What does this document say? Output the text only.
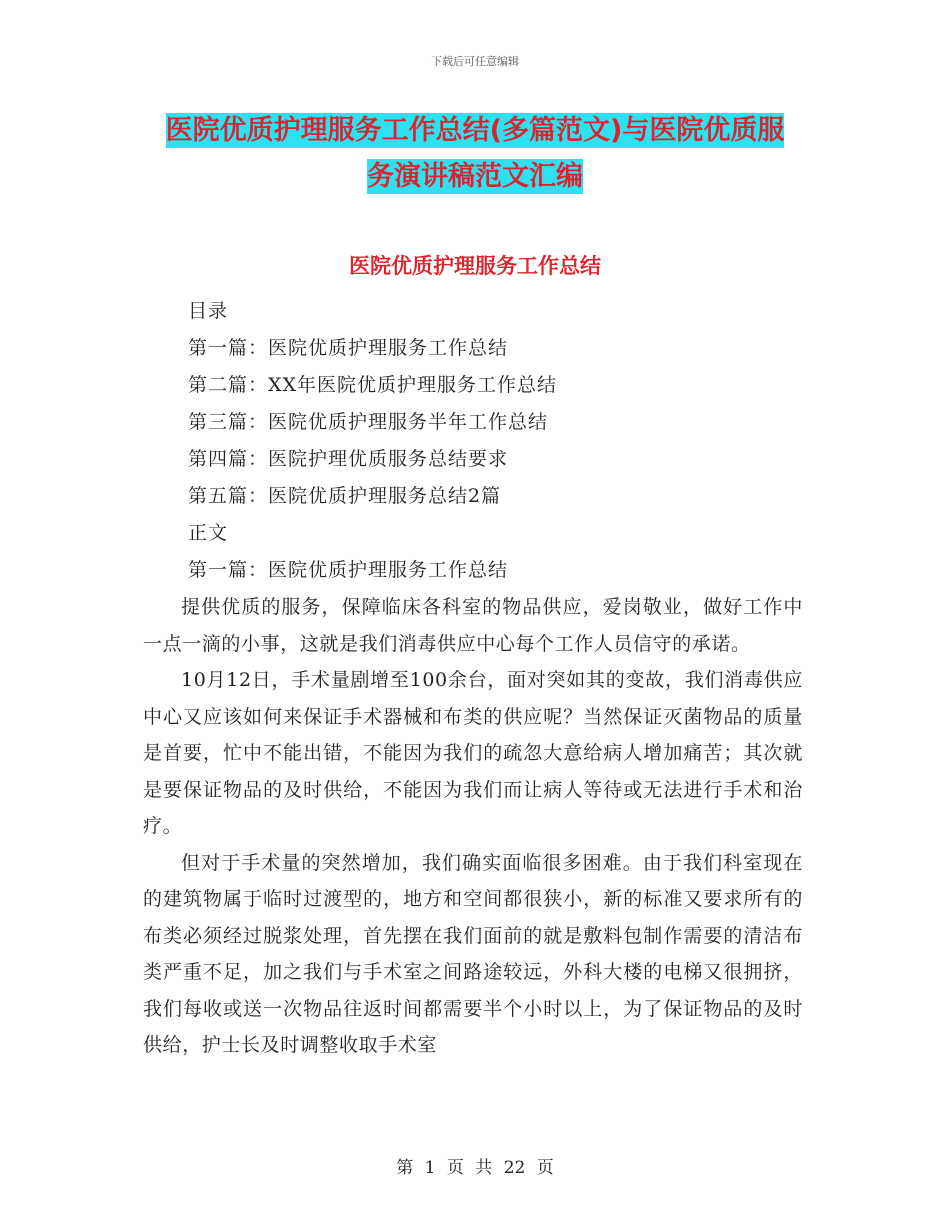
下载后可任意编辑
医院优质护理服务工作总结(多篇范文)与医院优质服
务演讲稿范文汇编
医院优质护理服务工作总结
目录
第一篇：医院优质护理服务工作总结
第二篇：XX年医院优质护理服务工作总结
第三篇：医院优质护理服务半年工作总结
第四篇：医院护理优质服务总结要求
第五篇：医院优质护理服务总结2篇
正文
第一篇：医院优质护理服务工作总结

提供优质的服务，保障临床各科室的物品供应，爱岗敬业，做好工作中一点一滴的小事，这就是我们消毒供应中心每个工作人员信守的承诺。

10月12日，手术量剧增至100余台，面对突如其的变故，我们消毒供应中心又应该如何来保证手术器械和布类的供应呢？当然保证灭菌物品的质量是首要，忙中不能出错，不能因为我们的疏忽大意给病人增加痛苦；其次就是要保证物品的及时供给，不能因为我们而让病人等待或无法进行手术和治疗。

但对于手术量的突然增加，我们确实面临很多困难。由于我们科室现在的建筑物属于临时过渡型的，地方和空间都很狭小，新的标准又要求所有的布类必须经过脱浆处理，首先摆在我们面前的就是敷料包制作需要的清洁布类严重不足，加之我们与手术室之间路途较远，外科大楼的电梯又很拥挤，我们每收或送一次物品往返时间都需要半个小时以上，为了保证物品的及时供给，护士长及时调整收取手术室

第 1 页 共 22 页
